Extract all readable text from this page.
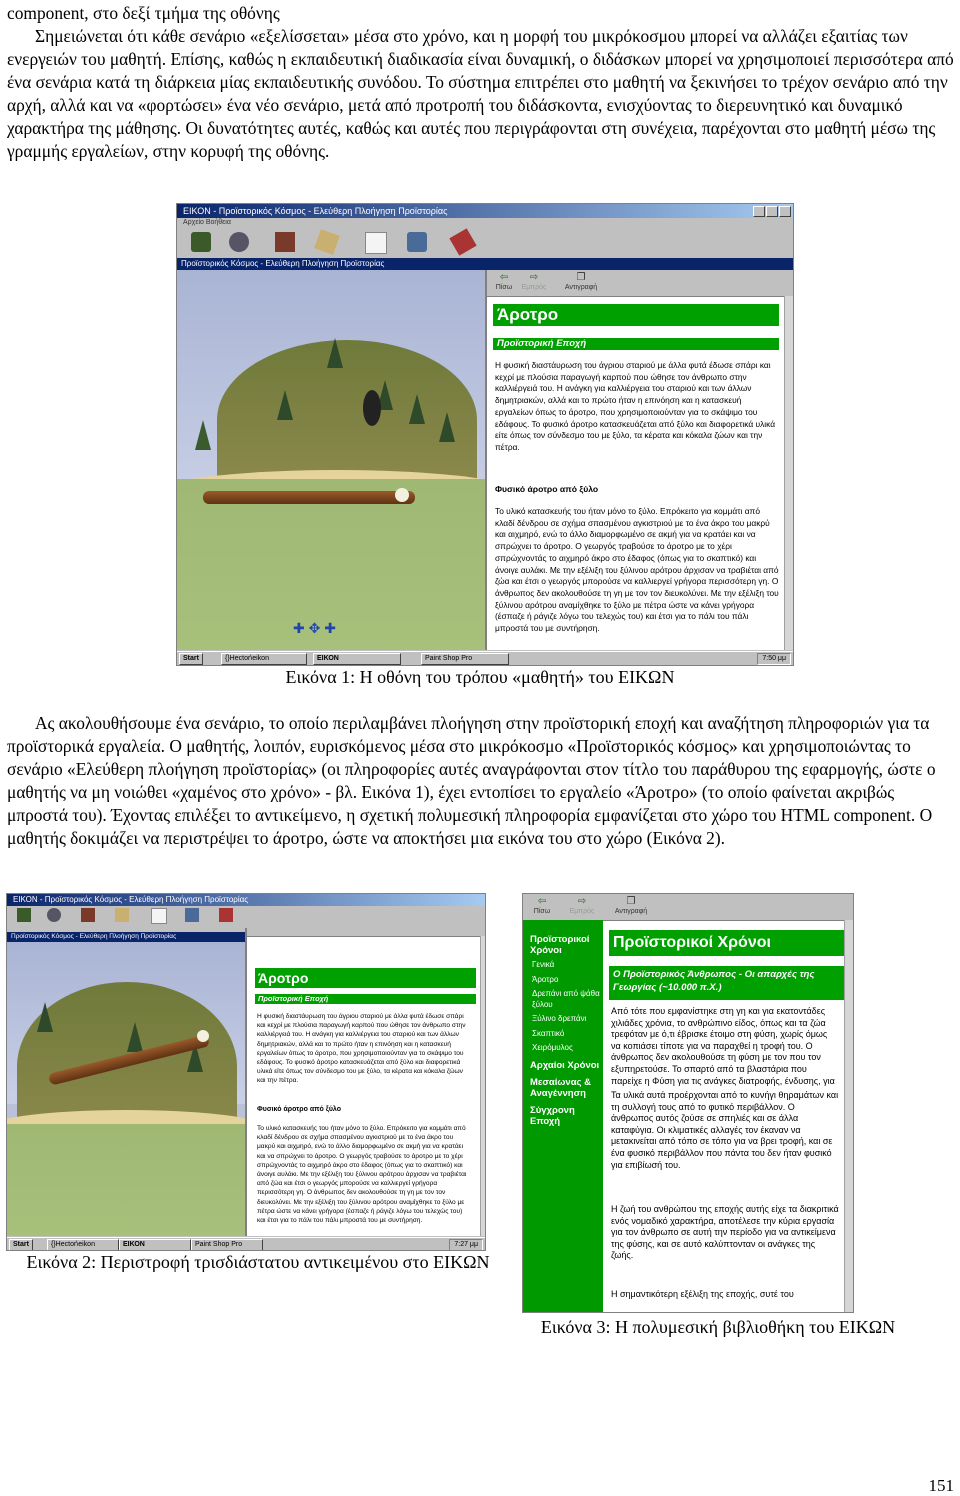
component, στο δεξί τμήμα της οθόνης

Σημειώνεται ότι κάθε σενάριο «εξελίσσεται» μέσα στο χρόνο, και η μορφή του μικρόκοσμου μπορεί να αλλάζει εξαιτίας των ενεργειών του μαθητή. Επίσης, καθώς η εκπαιδευτική διαδικασία είναι δυναμική, ο διδάσκων μπορεί να χρησιμοποιεί περισσότερα από ένα σενάρια κατά τη διάρκεια μίας εκπαιδευτικής συνόδου. Το σύστημα επιτρέπει στο μαθητή να ξεκινήσει το τρέχον σενάριο από την αρχή, αλλά και να «φορτώσει» ένα νέο σενάριο, μετά από προτροπή του διδάσκοντα, ενισχύοντας το διερευνητικό και δυναμικό χαρακτήρα της μάθησης. Οι δυνατότητες αυτές, καθώς και αυτές που περιγράφονται στη συνέχεια, παρέχονται στο μαθητή μέσω της γραμμής εργαλείων, στην κορυφή της οθόνης.

ΕΙΚΟΝ - Προϊστορικός Κόσμος - Ελεύθερη Πλοήγηση Προϊστορίας
Αρχείο Βοήθεια
Προϊστορικός Κόσμος - Ελεύθερη Πλοήγηση Προϊστορίας
✚ ✥ ✚
⇦
Πίσω
⇨
Εμπρός
❐
Αντιγραφή
Άροτρο
Προϊστορική Εποχή
Η φυσική διαστάυρωση του άγριου σταριού με άλλα φυτά έδωσε σπάρι και κεχρί με πλούσια παραγωγή καρπού που ώθησε τον άνθρωπο στην καλλιέργειά του. Η ανάγκη για καλλιέργεια του σταριού και των άλλων δημητριακών, αλλά και το πρώτο ήταν η επινόηση και η κατασκευή εργαλείων όπως το άροτρο, που χρησιμοποιούνταν για το σκάψιμο του εδάφους. Το φυσικό άροτρο κατασκευάζεται από ξύλο και διαφορετικά υλικά είτε όπως τον σύνδεσμο του με ξύλο, τα κέρατα και κόκαλα ζώων και την πέτρα.
Φυσικό άροτρο από ξύλο
Το υλικό κατασκευής του ήταν μόνο το ξύλο. Επρόκειτο για κομμάτι από κλαδί δένδρου σε σχήμα σπασμένου αγκιστριού με το ένα άκρο του μακρύ και αιχμηρό, ενώ το άλλο διαμορφωμένο σε ακμή για να κρατάει και να σπρώχνει το άροτρο. Ο γεωργός τραβούσε το άροτρο με το χέρι σπρώχνοντάς το αιχμηρό άκρο στο έδαφος (όπως για το σκαπτικό) και άνοιγε αυλάκι. Με την εξέλιξη του ξύλινου αρότρου άρχισαν να τραβιέται από ζώα και έτσι ο γεωργός μπορούσε να καλλιεργεί γρήγορα περισσότερη γη. Ο άνθρωπος δεν ακολουθούσε τη γη με τον τον διευκολύνει. Με την εξέλιξη του ξύλινου αρότρου αναμίχθηκε το ξύλο με πέτρα ώστε να κάνει γρήγορα (έσπαζε ή ράγιζε λόγω του τελεχώς του) και έτσι για το πάλι του πάλι μπροστά του με συντήρηση.
Start	{}Hector\eikon	ΕΙΚΟΝ	Paint Shop Pro	7:50 μμ

Εικόνα 1: Η οθόνη του τρόπου «μαθητή» του ΕΙΚΩΝ

Ας ακολουθήσουμε ένα σενάριο, το οποίο περιλαμβάνει πλοήγηση στην προϊστορική εποχή και αναζήτηση πληροφοριών για τα προϊστορικά εργαλεία. Ο μαθητής, λοιπόν, ευρισκόμενος μέσα στο μικρόκοσμο «Προϊστορικός κόσμος» και χρησιμοποιώντας το σενάριο «Ελεύθερη πλοήγηση προϊστορίας» (οι πληροφορίες αυτές αναγράφονται στον τίτλο του παράθυρου της εφαρμογής, ώστε ο μαθητής να μη νοιώθει «χαμένος στο χρόνο» - βλ. Εικόνα 1), έχει εντοπίσει το εργαλείο «Άροτρο» (το οποίο φαίνεται ακριβώς μπροστά του). Έχοντας επιλέξει το αντικείμενο, η σχετική πολυμεσική πληροφορία εμφανίζεται στο χώρο του HTML component. Ο μαθητής δοκιμάζει να περιστρέψει το άροτρο, ώστε να αποκτήσει μια εικόνα του στο χώρο (Εικόνα 2).

ΕΙΚΟΝ - Προϊστορικός Κόσμος - Ελεύθερη Πλοήγηση Προϊστορίας
Προϊστορικός Κόσμος - Ελεύθερη Πλοήγηση Προϊστορίας
Άροτρο
Προϊστορική Εποχή
Η φυσική διαστάυρωση του άγριου σταριού με άλλα φυτά έδωσε σπάρι και κεχρί με πλούσια παραγωγή καρπού που ώθησε τον άνθρωπο στην καλλιέργειά του. Η ανάγκη για καλλιέργεια του σταριού και των άλλων δημητριακών, αλλά και το πρώτο ήταν η επινόηση και η κατασκευή εργαλείων όπως το άροτρο, που χρησιμοποιούνταν για το σκάψιμο του εδάφους. Το φυσικό άροτρο κατασκευάζεται από ξύλο και διαφορετικά υλικά είτε όπως τον σύνδεσμο του με ξύλο, τα κέρατα και κόκαλα ζώων και την πέτρα.
Φυσικό άροτρο από ξύλο
Το υλικό κατασκευής του ήταν μόνο το ξύλο. Επρόκειτο για κομμάτι από κλαδί δένδρου σε σχήμα σπασμένου αγκιστριού με το ένα άκρο του μακρύ και αιχμηρό, ενώ το άλλο διαμορφωμένο σε ακμή για να κρατάει και να σπρώχνει το άροτρο. Ο γεωργός τραβούσε το άροτρο με το χέρι σπρώχνοντάς το αιχμηρό άκρο στο έδαφος (όπως για το σκαπτικό) και άνοιγε αυλάκι. Με την εξέλιξη του ξύλινου αρότρου άρχισαν να τραβιέται από ζώα και έτσι ο γεωργός μπορούσε να καλλιεργεί γρήγορα περισσότερη γη. Ο άνθρωπος δεν ακολουθούσε τη γη με τον τον διευκολύνει. Με την εξέλιξη του ξύλινου αρότρου αναμίχθηκε το ξύλο με πέτρα ώστε να κάνει γρήγορα (έσπαζε ή ράγιζε λόγω του τελεχώς του) και έτσι για το πάλι του πάλι μπροστά του με συντήρηση.
Start	{}Hector\eikon	ΕΙΚΟΝ	Paint Shop Pro	7:27 μμ

Εικόνα 2: Περιστροφή τρισδιάστατου αντικειμένου στο ΕΙΚΩΝ

⇦
Πίσω
⇨
Εμπρός
❐
Αντιγραφή
Προϊστορικοί Χρόνοι
Γενικά
Άροτρο
Δρεπάνι από ψάθα ξύλου
Ξύλινο δρεπάνι
Σκαπτικό
Χειρόμυλος
Αρχαίοι Χρόνοι
Μεσαίωνας & Αναγέννηση
Σύγχρονη Εποχή
Προϊστορικοί Χρόνοι
Ο Προϊστορικός Άνθρωπος - Οι απαρχές της Γεωργίας (~10.000 π.Χ.)
Από τότε που εμφανίστηκε στη γη και για εκατοντάδες χιλιάδες χρόνια, το ανθρώπινο είδος, όπως και τα ζώα τρεφόταν με ό,τι έβρισκε έτοιμο στη φύση, χωρίς όμως να κοπιάσει τίποτε για να παραχθεί η τροφή του. Ο άνθρωπος δεν ακολουθούσε τη φύση με τον που τον εξυπηρετούσε. Το σπαρτό από τα βλαστάρια που παρείχε η Φύση για τις ανάγκες διατροφής, ένδυσης, για
Τα υλικά αυτά προέρχονται από το κυνήγι θηραμάτων και τη συλλογή τους από το φυτικό περιβάλλον. Ο άνθρωπος αυτός ζούσε σε σπηλιές και σε άλλα καταφύγια. Οι κλιματικές αλλαγές τον έκαναν να μετακινείται από τόπο σε τόπο για να βρει τροφή, και σε ένα φυσικό περιβάλλον που πάντα του δεν ήταν φυσικό για επιβίωσή του.
Η ζωή του ανθρώπου της εποχής αυτής είχε τα διακριτικά ενός νομαδικό χαρακτήρα, αποτέλεσε την κύρια εργασία για τον άνθρωπο σε αυτή την περίοδο για να αντικείμενα της φύσης, και σε αυτό καλύπτονταν οι ανάγκες της ζωής.
Η σημαντικότερη εξέλιξη της εποχής, συτέ του

Εικόνα 3: Η πολυμεσική βιβλιοθήκη του ΕΙΚΩΝ

151
